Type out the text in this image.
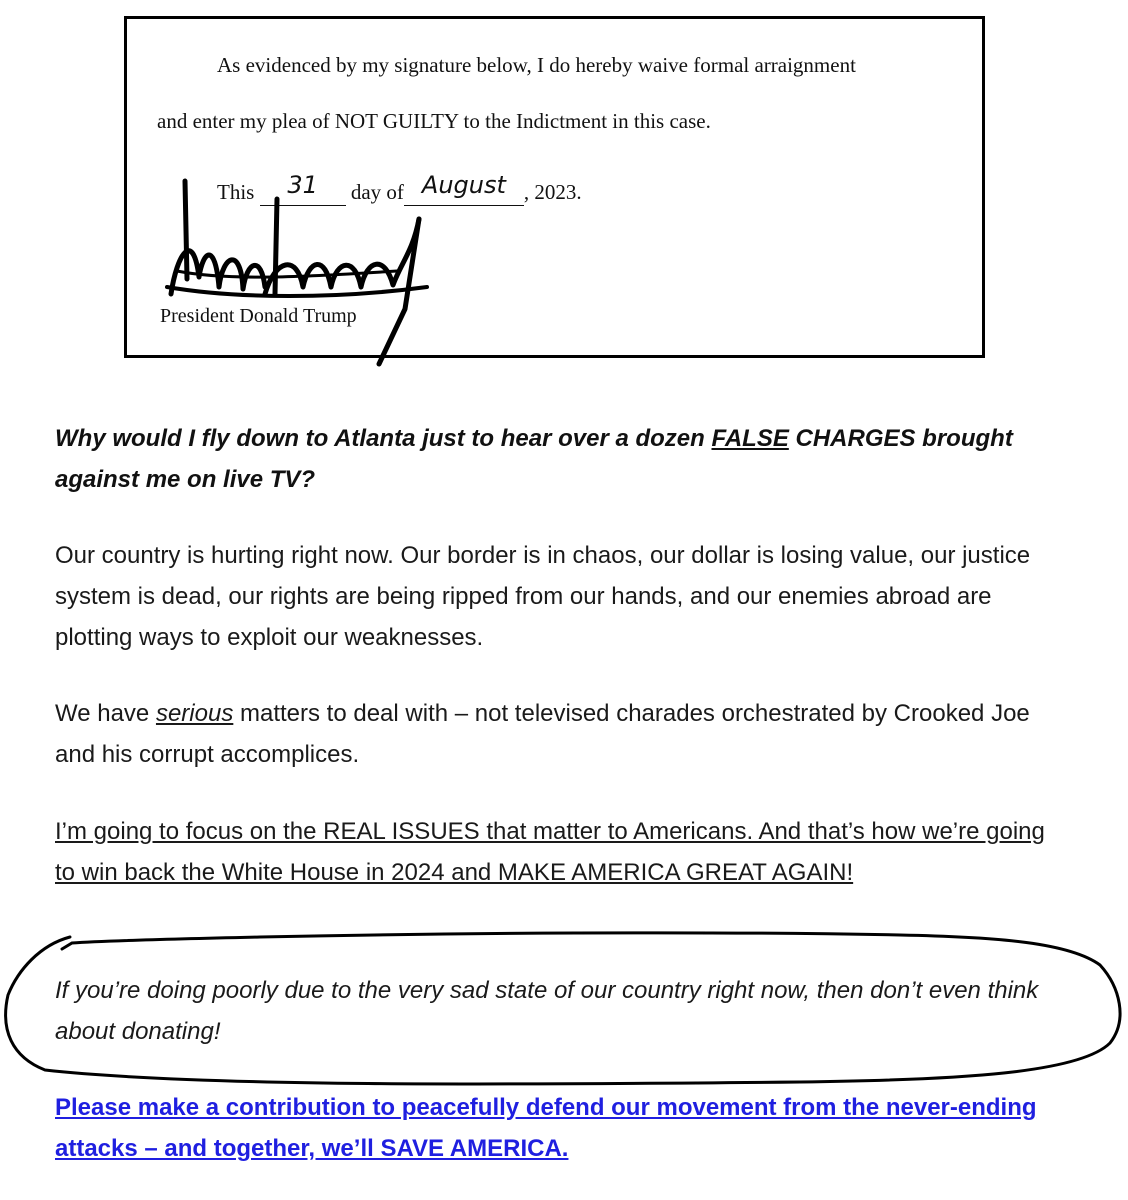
As evidenced by my signature below, I do hereby waive formal arraignment
and enter my plea of NOT GUILTY to the Indictment in this case.
This 31 day of August , 2023.
President Donald Trump
Why would I fly down to Atlanta just to hear over a dozen FALSE CHARGES brought against me on live TV?
Our country is hurting right now. Our border is in chaos, our dollar is losing value, our justice system is dead, our rights are being ripped from our hands, and our enemies abroad are plotting ways to exploit our weaknesses.
We have serious matters to deal with – not televised charades orchestrated by Crooked Joe and his corrupt accomplices.
I’m going to focus on the REAL ISSUES that matter to Americans. And that’s how we’re going to win back the White House in 2024 and MAKE AMERICA GREAT AGAIN!
If you’re doing poorly due to the very sad state of our country right now, then don’t even think about donating!
Please make a contribution to peacefully defend our movement from the never-ending attacks – and together, we’ll SAVE AMERICA.
